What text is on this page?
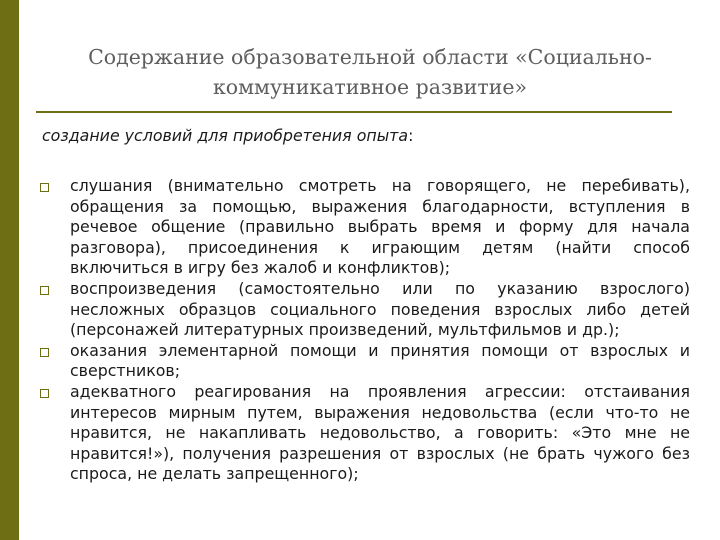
Содержание образовательной области «Социально-коммуникативное развитие»
создание условий для приобретения опыта:
слушания (внимательно смотреть на говорящего, не перебивать), обращения за помощью, выражения благодарности, вступления в речевое общение (правильно выбрать время и форму для начала разговора), присоединения к играющим детям (найти способ включиться в игру без жалоб и конфликтов);
воспроизведения (самостоятельно или по указанию взрослого) несложных образцов социального поведения взрослых либо детей (персонажей литературных произведений, мультфильмов и др.);
оказания элементарной помощи и принятия помощи от взрослых и сверстников;
адекватного реагирования на проявления агрессии: отстаивания интересов мирным путем, выражения недовольства (если что-то не нравится, не накапливать недовольство, а говорить: «Это мне не нравится!»), получения разрешения от взрослых (не брать чужого без спроса, не делать запрещенного);
